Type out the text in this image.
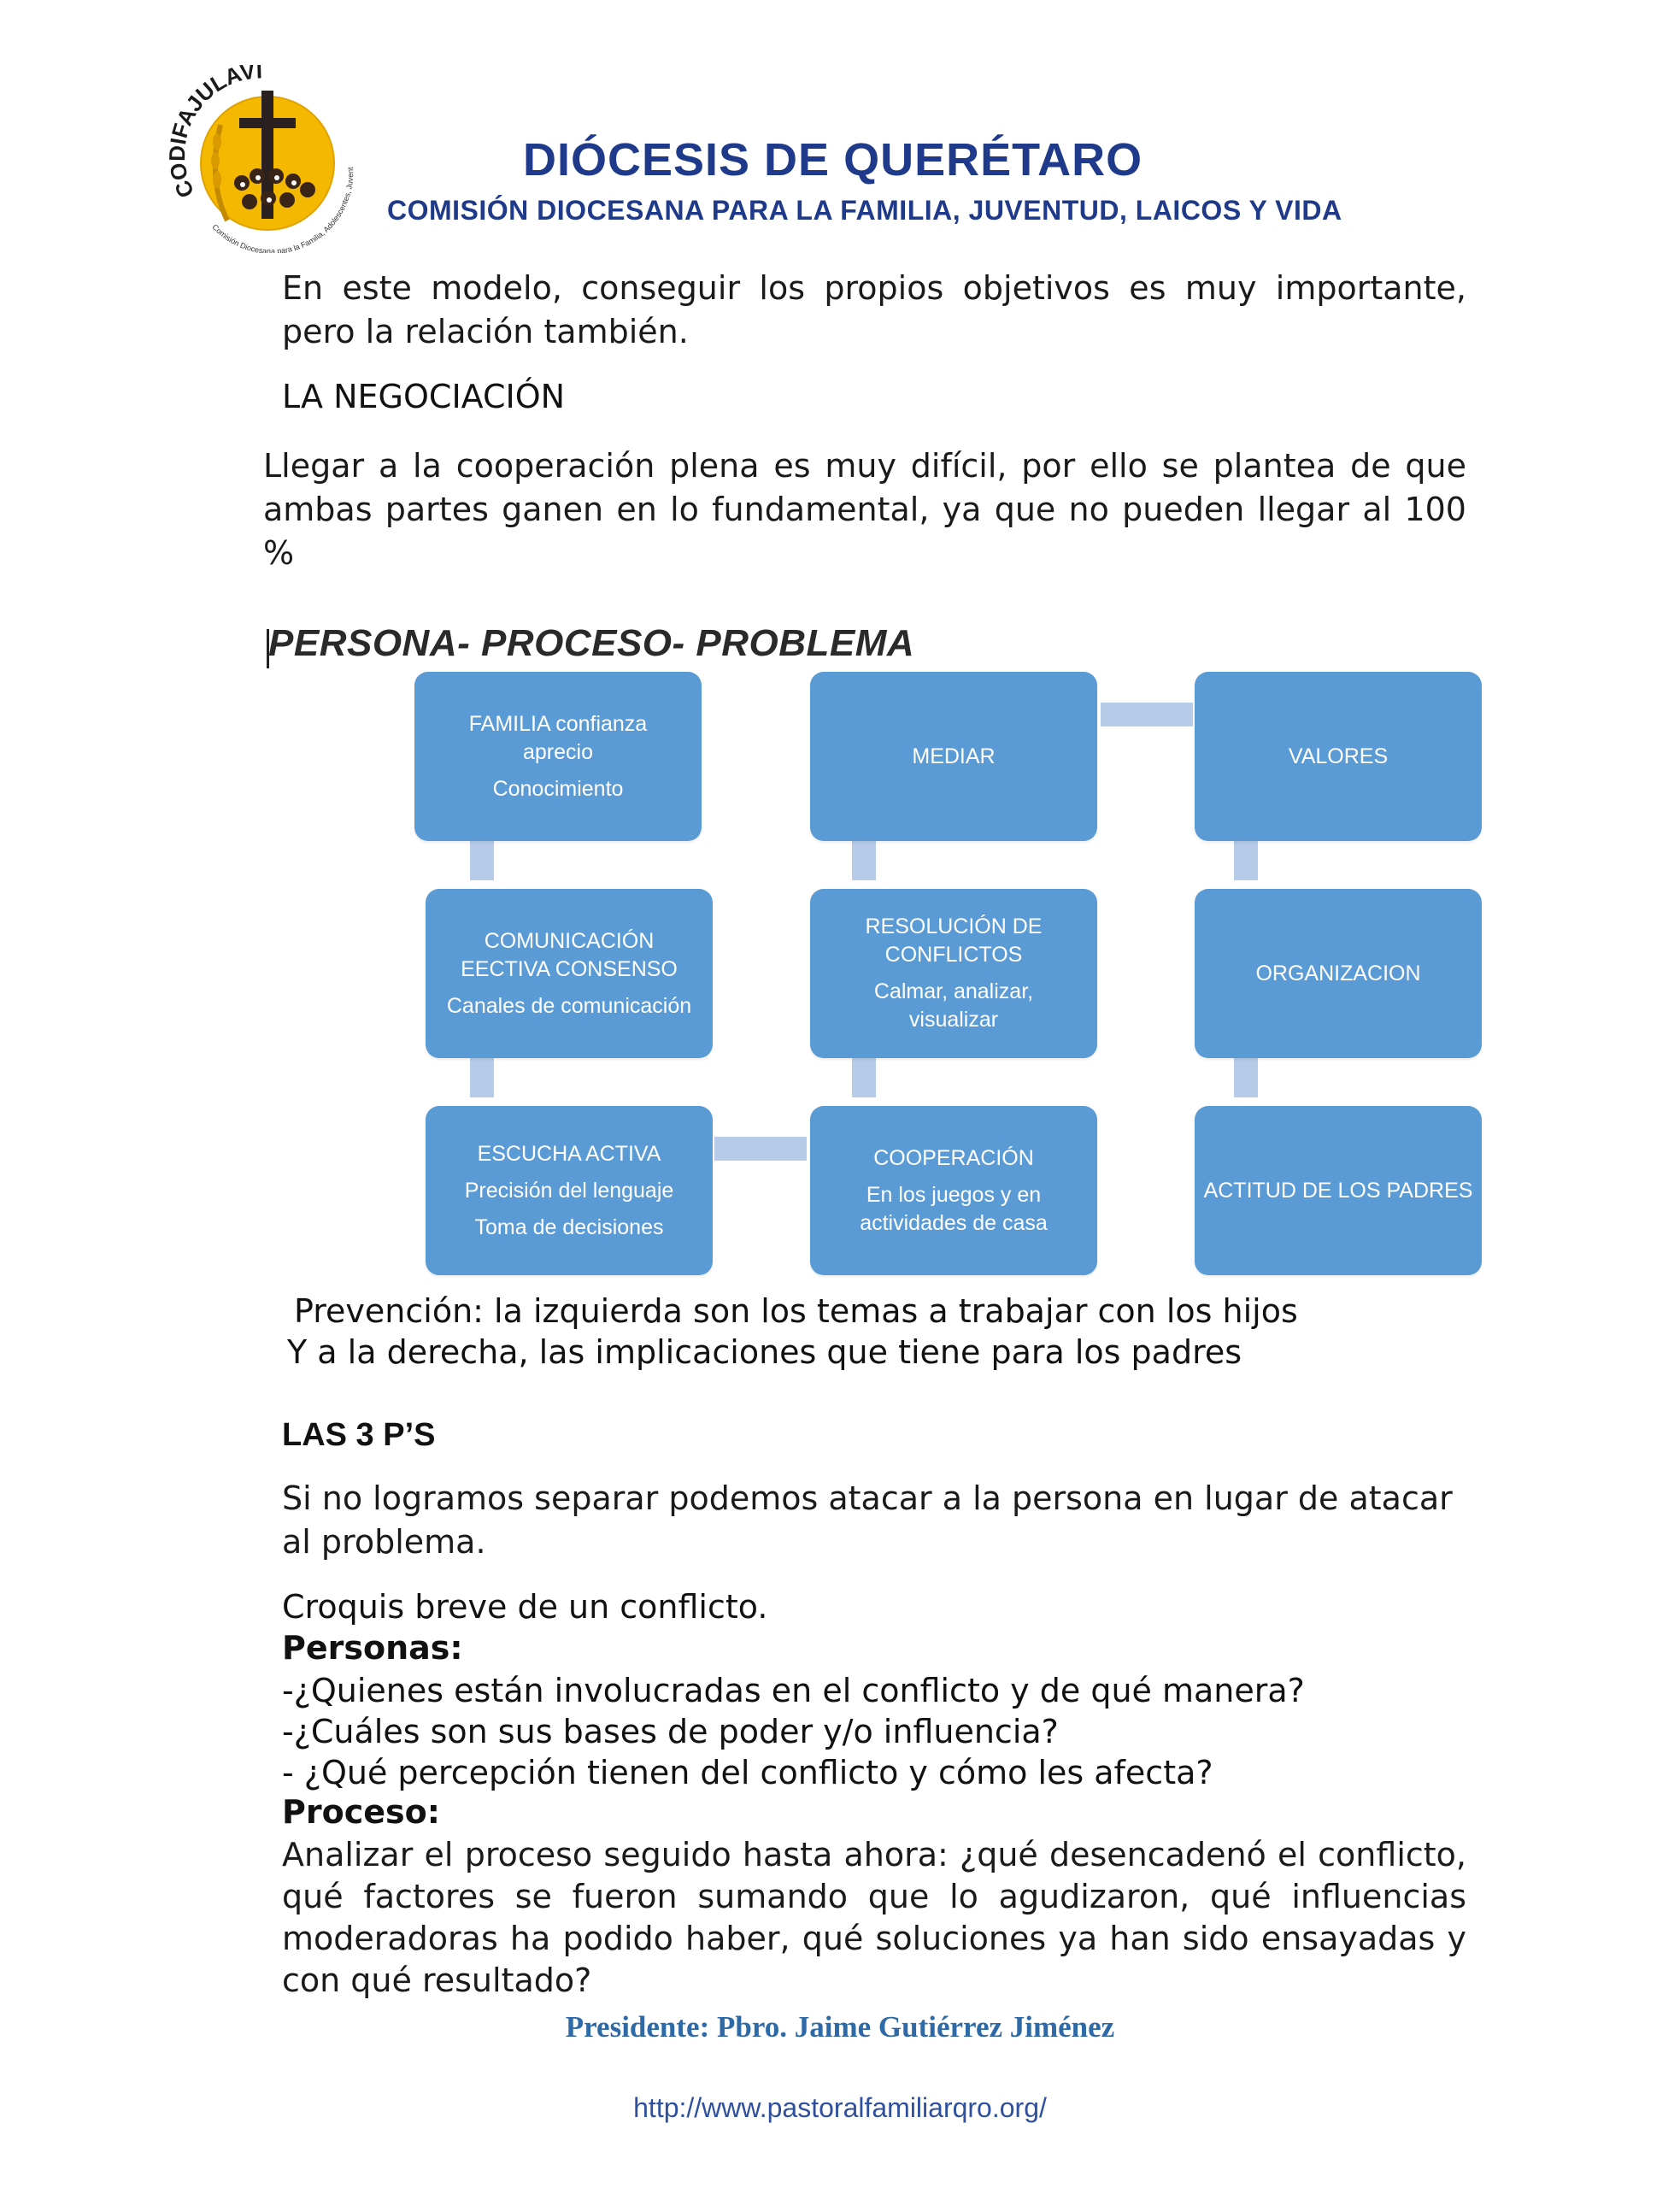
CODIFAJULAVI
Comisión Diocesana para la Familia, Adolescentes, Juvent	DIÓCESIS DE QUERÉTARO
COMISIÓN DIOCESANA PARA LA FAMILIA, JUVENTUD, LAICOS Y VIDA
En este modelo, conseguir los propios objetivos es muy importante, pero la relación también.
LA NEGOCIACIÓN
Llegar a la cooperación plena es muy difícil, por ello se plantea de que ambas partes ganen en lo fundamental, ya que no pueden llegar al 100 %
PERSONA- PROCESO- PROBLEMA
FAMILIA confianza
aprecio
Conocimiento
COMUNICACIÓN
EECTIVA CONSENSO
Canales de comunicación
ESCUCHA ACTIVA
Precisión del lenguaje
Toma de decisiones
MEDIAR
RESOLUCIÓN DE
CONFLICTOS
Calmar, analizar,
visualizar
COOPERACIÓN
En los juegos y en
actividades de casa
VALORES
ORGANIZACION
ACTITUD DE LOS PADRES
Prevención: la izquierda son los temas a trabajar con los hijos
Y a la derecha, las implicaciones que tiene para los padres
LAS 3 P’S
Si no logramos separar podemos atacar a la persona en lugar de atacar al problema.
Croquis breve de un conflicto.
Personas:
-¿Quienes están involucradas en el conflicto y de qué manera?
-¿Cuáles son sus bases de poder y/o influencia?
- ¿Qué percepción tienen del conflicto y cómo les afecta?
Proceso:
Analizar el proceso seguido hasta ahora: ¿qué desencadenó el conflicto, qué factores se fueron sumando que lo agudizaron, qué influencias moderadoras ha podido haber, qué soluciones ya han sido ensayadas y con qué resultado?
Presidente: Pbro. Jaime Gutiérrez Jiménez
http://www.pastoralfamiliarqro.org/
